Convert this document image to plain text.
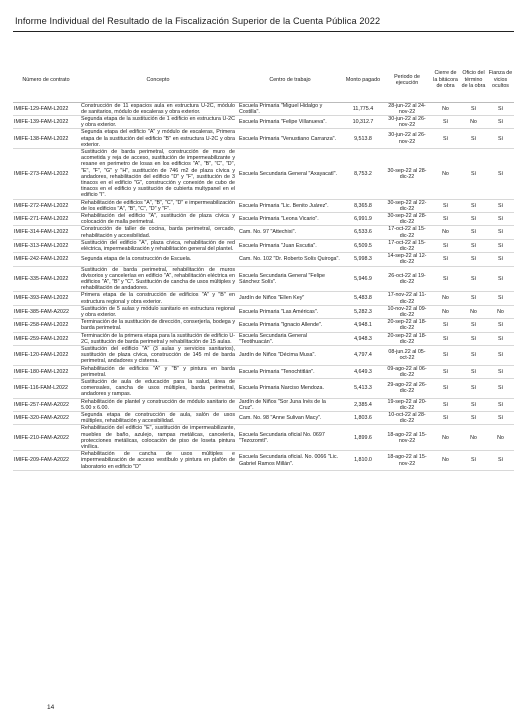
Informe Individual del Resultado de la Fiscalización Superior de la Cuenta Pública 2022
Número de contrato	Concepto	Centro de trabajo	Monto pagado	Periodo de ejecución	Cierre de la bitácora de obra	Oficio del término de la obra	Fianza de vicios ocultos
IMIFE-129-FAM-L2022	Construcción de 11 espacios aula en estructura U-2C, módulo de sanitarios, módulo de escaleras y obra exterior.	Escuela Primaria "Miguel Hidalgo y Costilla".	11,775.4	28-jun-22 al 24-nov-22	No	Sí	Sí
IMIFE-139-FAM-L2022	Segunda etapa de la sustitución de 1 edificio en estructura U-2C y obra exterior.	Escuela Primaria "Felipe Villanueva".	10,312.7	30-jun-22 al 26-nov-22	Sí	No	Sí
IMIFE-138-FAM-L2022	Segunda etapa del edificio "A" y módulo de escaleras, Primera etapa de la sustitución del edificio "B" en estructura U-2C y obra exterior.	Escuela Primaria "Venustiano Carranza".	9,513.8	30-jun-22 al 26-nov-22	Sí	Sí	Sí
IMIFE-273-FAM-L2022	Sustitución de barda perimetral, construcción de muro de acometida y reja de acceso, sustitución de impermeabilizante y resane en perimetro de losas en los edificios "A", "B", "C", "D", "E", "F", "G" y "H", sustitución de 746 m2 de plaza cívica y andadores, rehabilitación del edificio "D" y "F", sustitución de 3 tinacos en el edificio "G", construcción y conexión de cubo de tinacos en el edificio y sustitución de cubierta multypanel en el edificio "I".	Escuela Secundaria General "Axayacatl".	8,753.2	30-sep-22 al 28-dic-22	No	Sí	Sí
IMIFE-272-FAM-L2022	Rehabilitación de edificios "A", "B", "C", "D" e impermeabilización de los edificios "A", "B", "C", "D" y "F".	Escuela Primaria "Lic. Benito Juárez".	8,365.8	30-sep-22 al 22-dic-22	Sí	Sí	Sí
IMIFE-271-FAM-L2022	Rehabilitación del edificio "A", sustitución de plaza cívica y colocación de malla perimetral.	Escuela Primaria "Leona Vicario".	6,991.9	30-sep-22 al 28-dic-22	Sí	Sí	Sí
IMIFE-314-FAM-L2022	Construcción de taller de cocina, barda perimetral, cercado, rehabilitación y accesibilidad.	Cam. No. 97 "Attechixi".	6,533.6	17-oct-22 al 15-dic-22	No	Sí	Sí
IMIFE-313-FAM-L2022	Sustitución del edificio "A", plaza cívica, rehabilitación de red eléctrica, impermeabilización y rehabilitación general del plantel.	Escuela Primaria "Juan Escutia".	6,509.5	17-oct-22 al 15-dic-22	Sí	Sí	Sí
IMIFE-242-FAM-L2022	Segunda etapa de la construcción de Escuela.	Cam. No. 102 "Dr. Roberto Solís Quiroga".	5,998.3	14-sep-22 al 12-dic-22	Sí	Sí	Sí
IMIFE-335-FAM-L2022	Sustitución de barda perimetral, rehabilitación de muros divisorios y cancelerías en edificio "A", rehabilitación eléctrica en edificios "A", "B" y "C". Sustitución de cancha de usos múltiples y rehabilitación de andadores.	Escuela Secundaria General "Felipe Sánchez Solís".	5,946.9	26-oct-22 al 19-dic-22	Sí	Sí	Sí
IMIFE-393-FAM-L2022	Primera etapa de la construcción de edificios "A" y "B" en estructura regional y obra exterior.	Jardín de Niños "Ellen Key"	5,483.8	17-nov-22 al 11-dic-22	No	Sí	Sí
IMIFE-385-FAM-A2022	Sustitución de 5 aulas y módulo sanitario en estructura regional y obra exterior.	Escuela Primaria "Las Américas".	5,282.3	10-nov-22 al 09-dic-22	No	No	No
IMIFE-258-FAM-L2022	Terminación de la sustitución de dirección, conserjería, bodega y barda perimetral.	Escuela Primaria "Ignacio Allende".	4,948.1	20-sep-22 al 18-dic-22	Sí	Sí	Sí
IMIFE-259-FAM-L2022	Terminación de la primera etapa para la sustitución de edificio U-2C, sustitución de barda perimetral y rehabilitación de 15 aulas.	Escuela Secundaria General "Teotihuacán".	4,948.3	20-sep-22 al 18-dic-22	Sí	Sí	Sí
IMIFE-120-FAM-L2022	Sustitución del edificio "A" (3 aulas y servicios sanitarios), sustitución de plaza cívica, construcción de 145 ml de barda perimetral, andadores y cisterna.	Jardín de Niños "Décima Musa".	4,797.4	08-jun.22 al 05-oct-22	Sí	Sí	Sí
IMIFE-180-FAM-L2022	Rehabilitación de edificios "A" y "B" y pintura en barda perimetral.	Escuela Primaria "Tenochtitlán".	4,649.3	09-ago-22 al 06-dic-22	Sí	Sí	Sí
IMIFE-116-FAM-L2022	Sustitución de aula de educación para la salud, área de comensales, cancha de usos múltiples, barda perimetral, andadores y rampas.	Escuela Primaria Narciso Mendoza.	5,413.3	29-ago-22 al 26-dic-22	Sí	Sí	Sí
IMIFE-257-FAM-A2022	Rehabilitación de plantel y construcción de módulo sanitario de 5.00 x 6.00.	Jardín de Niños "Sor Juna Inés de la Cruz".	2,385.4	19-sep-22 al 20-dic-22	Sí	Sí	Sí
IMIFE-320-FAM-A2022	Segunda etapa de construcción de aula, salón de usos múltiples, rehabilitación y accesibilidad.	Cam. No. 98 "Anne Sulivan Macy".	1,803.6	10-oct-22 al 28-dic-22	Sí	Sí	Sí
IMIFE-210-FAM-A2022	Rehabilitación del edificio "E", sustitución de impermeabilizante, muebles de baño, azulejo, rampas metálicas, cancelería, protecciones metálicas, colocación de piso de loseta pintura vinílica.	Escuela Secundaria oficial No. 0697 "Tezozomtl".	1,899.6	18-ago-22 al 15-nov-22	No	No	No
IMIFE-209-FAM-A2022	Rehabilitación de cancha de usos múltiples e impermeabilización de acceso vestíbulo y pintura en plafón de laboratorio en edificio "D"	Escuela Secundaria oficial. No. 0066 "Lic. Gabriel Ramos Millán".	1,810.0	18-ago-22 al 15-nov-22	No	Sí	Sí
14
